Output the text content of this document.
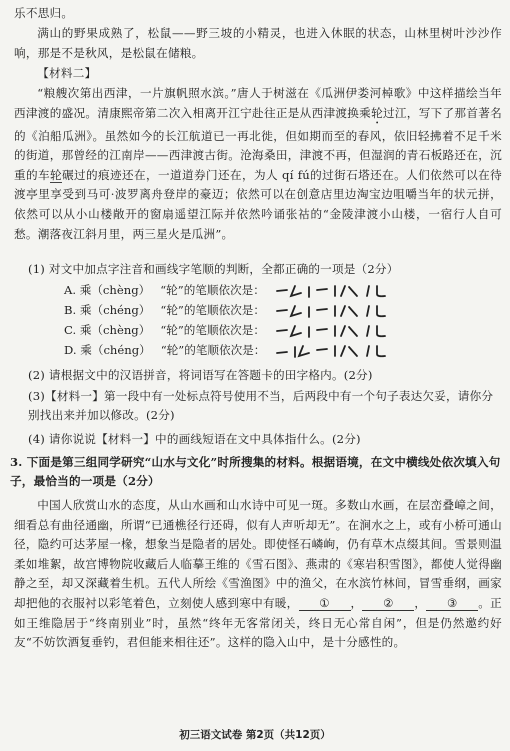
乐不思归。

满山的野果成熟了，松鼠——野三坡的小精灵，也进入休眠的状态，山林里树叶沙沙作响，那是不是秋风，是松鼠在储粮。

【材料二】

“粮艘次第出西津，一片旗帆照水滨。”唐人于树滋在《瓜洲伊娄河棹歌》中这样描绘当年西津渡的盛况。清康熙帝第二次入相离开江宁赴往正是从西津渡换乘轮过江，写下了那首著名的《泊船瓜洲》。虽然如今的长江航道已一再北徙，但如期而至的春风，依旧轻拂着不足千米的街道，那曾经的江南岸——西津渡古街。沧海桑田，津渡不再，但湿润的青石板路还在，沉重的车轮碾过的痕迹还在，一道道券门还在，为人 qí fú的过街石塔还在。人们依然可以在待渡亭里享受到马可·波罗离舟登岸的豪迈；依然可以在创意店里边淘宝边咀嚼当年的状元拼，依然可以从小山楼敞开的窗扇遥望江际并依然吟诵张祜的“金陵津渡小山楼，一宿行人自可愁。潮落夜江斜月里，两三星火是瓜洲”。

(1) 对文中加点字注音和画线字笔顺的判断，全都正确的一项是（2分）

A. 乘（chèng） “轮”的笔顺依次是：
B. 乘（chéng） “轮”的笔顺依次是：
C. 乘（chèng） “轮”的笔顺依次是：
D. 乘（chéng） “轮”的笔顺依次是：

(2) 请根据文中的汉语拼音，将词语写在答题卡的田字格内。(2分)

(3)【材料一】第一段中有一处标点符号使用不当，后两段中有一个句子表达欠妥，请你分别找出来并加以修改。(2分)

(4) 请你说说【材料一】中的画线短语在文中具体指什么。(2分)

3. 下面是第三组同学研究“山水与文化”时所搜集的材料。根据语境，在文中横线处依次填入句子，最恰当的一项是（2分）

中国人欣赏山水的态度，从山水画和山水诗中可见一斑。多数山水画，在层峦叠嶂之间，细看总有曲径通幽，所谓“已通樵径行还碍，似有人声听却无”。在涧水之上，或有小桥可通山径，隐约可达茅屋一椽，想象当是隐者的居处。即使怪石嶙峋，仍有草木点缀其间。雪景则温柔如堆絮，故宫博物院收藏后人临摹王维的《雪石图》、燕肃的《寒岩积雪图》，都使人觉得幽静之至，却又深藏着生机。五代人所绘《雪渔图》中的渔父，在水滨竹林间，冒雪垂纲，画家却把他的衣服衬以彩笔着色，立刻使人感到寒中有暖， ① ， ② ， ③ 。正如王维隐居于“终南别业”时，虽然“终年无客常闭关，终日无心常自闲”，但是仍然邀约好友“不妨饮酒复垂钓，君但能来相往还”。这样的隐入山中，是十分感性的。

初三语文试卷 第2页（共12页）
